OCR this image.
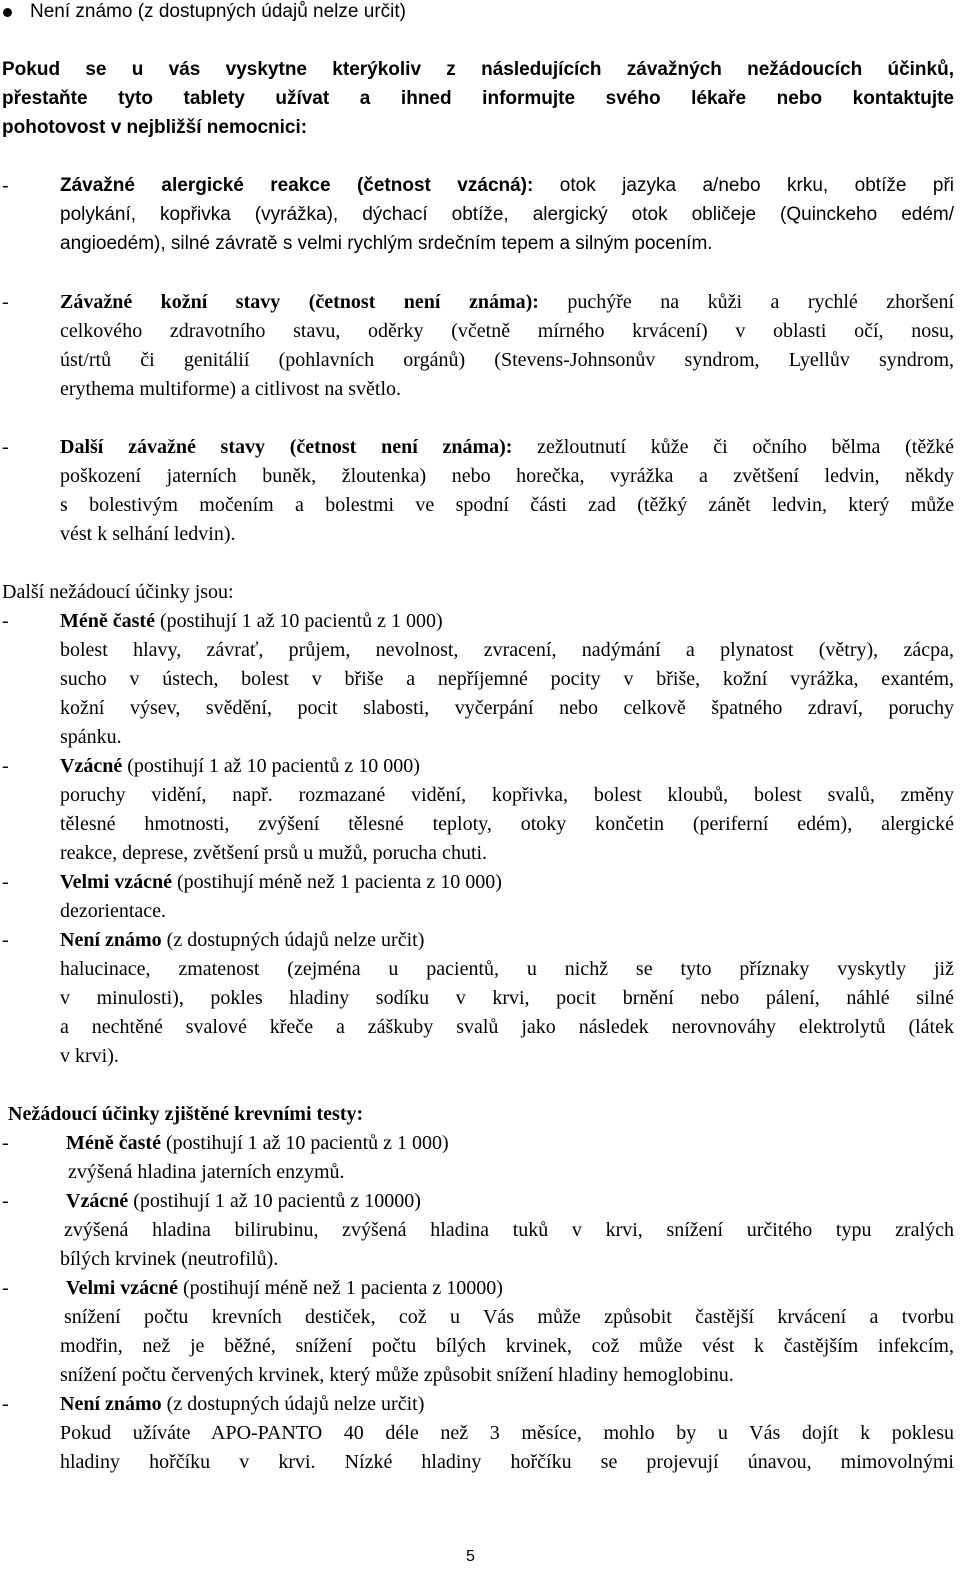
Není známo (z dostupných údajů nelze určit)
Pokud se u vás vyskytne kterýkoliv z následujících závažných nežádoucích účinků,
přestaňte tyto tablety užívat a ihned informujte svého lékaře nebo kontaktujte
pohotovost v nejbližší nemocnici:
-	Závažné alergické reakce (četnost vzácná): otok jazyka a/nebo krku, obtíže při
polykání, kopřivka (vyrážka), dýchací obtíže, alergický otok obličeje (Quinckeho edém/
angioedém), silné závratě s velmi rychlým srdečním tepem a silným pocením.
-	Závažné kožní stavy (četnost není známa): puchýře na kůži a rychlé zhoršení
celkového zdravotního stavu, oděrky (včetně mírného krvácení) v oblasti očí, nosu,
úst/rtů či genitálií (pohlavních orgánů) (Stevens-Johnsonův syndrom, Lyellův syndrom,
erythema multiforme) a citlivost na světlo.
-	Další závažné stavy (četnost není známa): zežloutnutí kůže či očního bělma (těžké
poškození jaterních buněk, žloutenka) nebo horečka, vyrážka a zvětšení ledvin, někdy
s bolestivým močením a bolestmi ve spodní části zad (těžký zánět ledvin, který může
vést k selhání ledvin).
Další nežádoucí účinky jsou:
-	Méně časté (postihují 1 až 10 pacientů z 1 000)
bolest hlavy, závrať, průjem, nevolnost, zvracení, nadýmání a plynatost (větry), zácpa,
sucho v ústech, bolest v břiše a nepříjemné pocity v břiše, kožní vyrážka, exantém,
kožní výsev, svědění, pocit slabosti, vyčerpání nebo celkově špatného zdraví, poruchy
spánku.
-	Vzácné (postihují 1 až 10 pacientů z 10 000)
poruchy vidění, např. rozmazané vidění, kopřivka, bolest kloubů, bolest svalů, změny
tělesné hmotnosti, zvýšení tělesné teploty, otoky končetin (periferní edém), alergické
reakce, deprese, zvětšení prsů u mužů, porucha chuti.
-	Velmi vzácné (postihují méně než 1 pacienta z 10 000)
dezorientace.
-	Není známo (z dostupných údajů nelze určit)
halucinace, zmatenost (zejména u pacientů, u nichž se tyto příznaky vyskytly již
v minulosti), pokles hladiny sodíku v krvi, pocit brnění nebo pálení, náhlé silné
a nechtěné svalové křeče a záškuby svalů jako následek nerovnováhy elektrolytů (látek
v krvi).
Nežádoucí účinky zjištěné krevními testy:
-	Méně časté (postihují 1 až 10 pacientů z 1 000)
zvýšená hladina jaterních enzymů.
-	Vzácné (postihují 1 až 10 pacientů z 10000)
zvýšená hladina bilirubinu, zvýšená hladina tuků v krvi, snížení určitého typu zralých
bílých krvinek (neutrofilů).
-	Velmi vzácné (postihují méně než 1 pacienta z 10000)
snížení počtu krevních destiček, což u Vás může způsobit častější krvácení a tvorbu
modřin, než je běžné, snížení počtu bílých krvinek, což může vést k častějším infekcím,
snížení počtu červených krvinek, který může způsobit snížení hladiny hemoglobinu.
-	Není známo (z dostupných údajů nelze určit)
Pokud užíváte APO-PANTO 40 déle než 3 měsíce, mohlo by u Vás dojít k poklesu
hladiny hořčíku v krvi. Nízké hladiny hořčíku se projevují únavou, mimovolnými
5
